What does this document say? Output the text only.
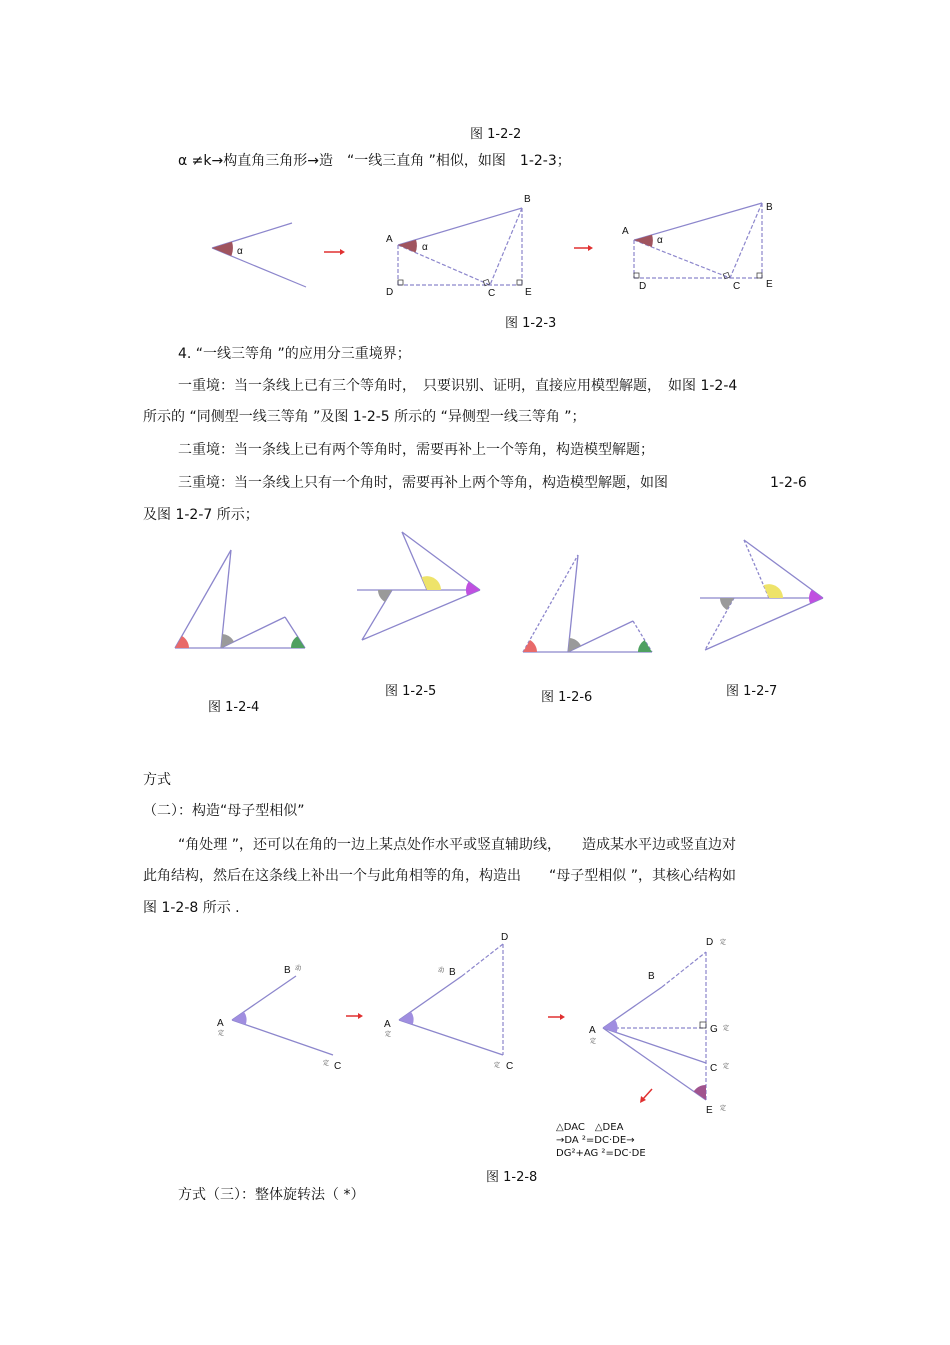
图 1-2-2
α ≠k→构直角三角形→造　“一线三直角 ”相似，如图　1-2-3；
α
A
α
B
C
D	E
A
α
B
C
D	E
图 1-2-3
4. “一线三等角 ”的应用分三重境界；
一重境：当一条线上已有三个等角时，　只要识别、证明，直接应用模型解题，　如图 1-2-4
所示的 “同侧型一线三等角 ”及图 1-2-5 所示的 “异侧型一线三等角 ”；
二重境：当一条线上已有两个等角时，需要再补上一个等角，构造模型解题；
三重境：当一条线上只有一个角时，需要再补上两个等角，构造模型解题，如图	1-2-6
及图 1-2-7 所示；
图 1-2-4
图 1-2-5	图 1-2-6	图 1-2-7
方式
（二）：构造“母子型相似”
“角处理 ”，还可以在角的一边上某点处作水平或竖直辅助线，　　造成某水平边或竖直边对
此角结构，然后在这条线上补出一个与此角相等的角，构造出　　“母子型相似 ”，其核心结构如
图 1-2-8 所示 .
B 动
A
定
C
定
D
B
动
A
定
C
定
D 定
B
A
定
G 定
C 定
E 定
△DAC　△DEA
→DA ²=DC·DE→
DG²+AG ²=DC·DE
图 1-2-8
方式（三）：整体旋转法（ *）
